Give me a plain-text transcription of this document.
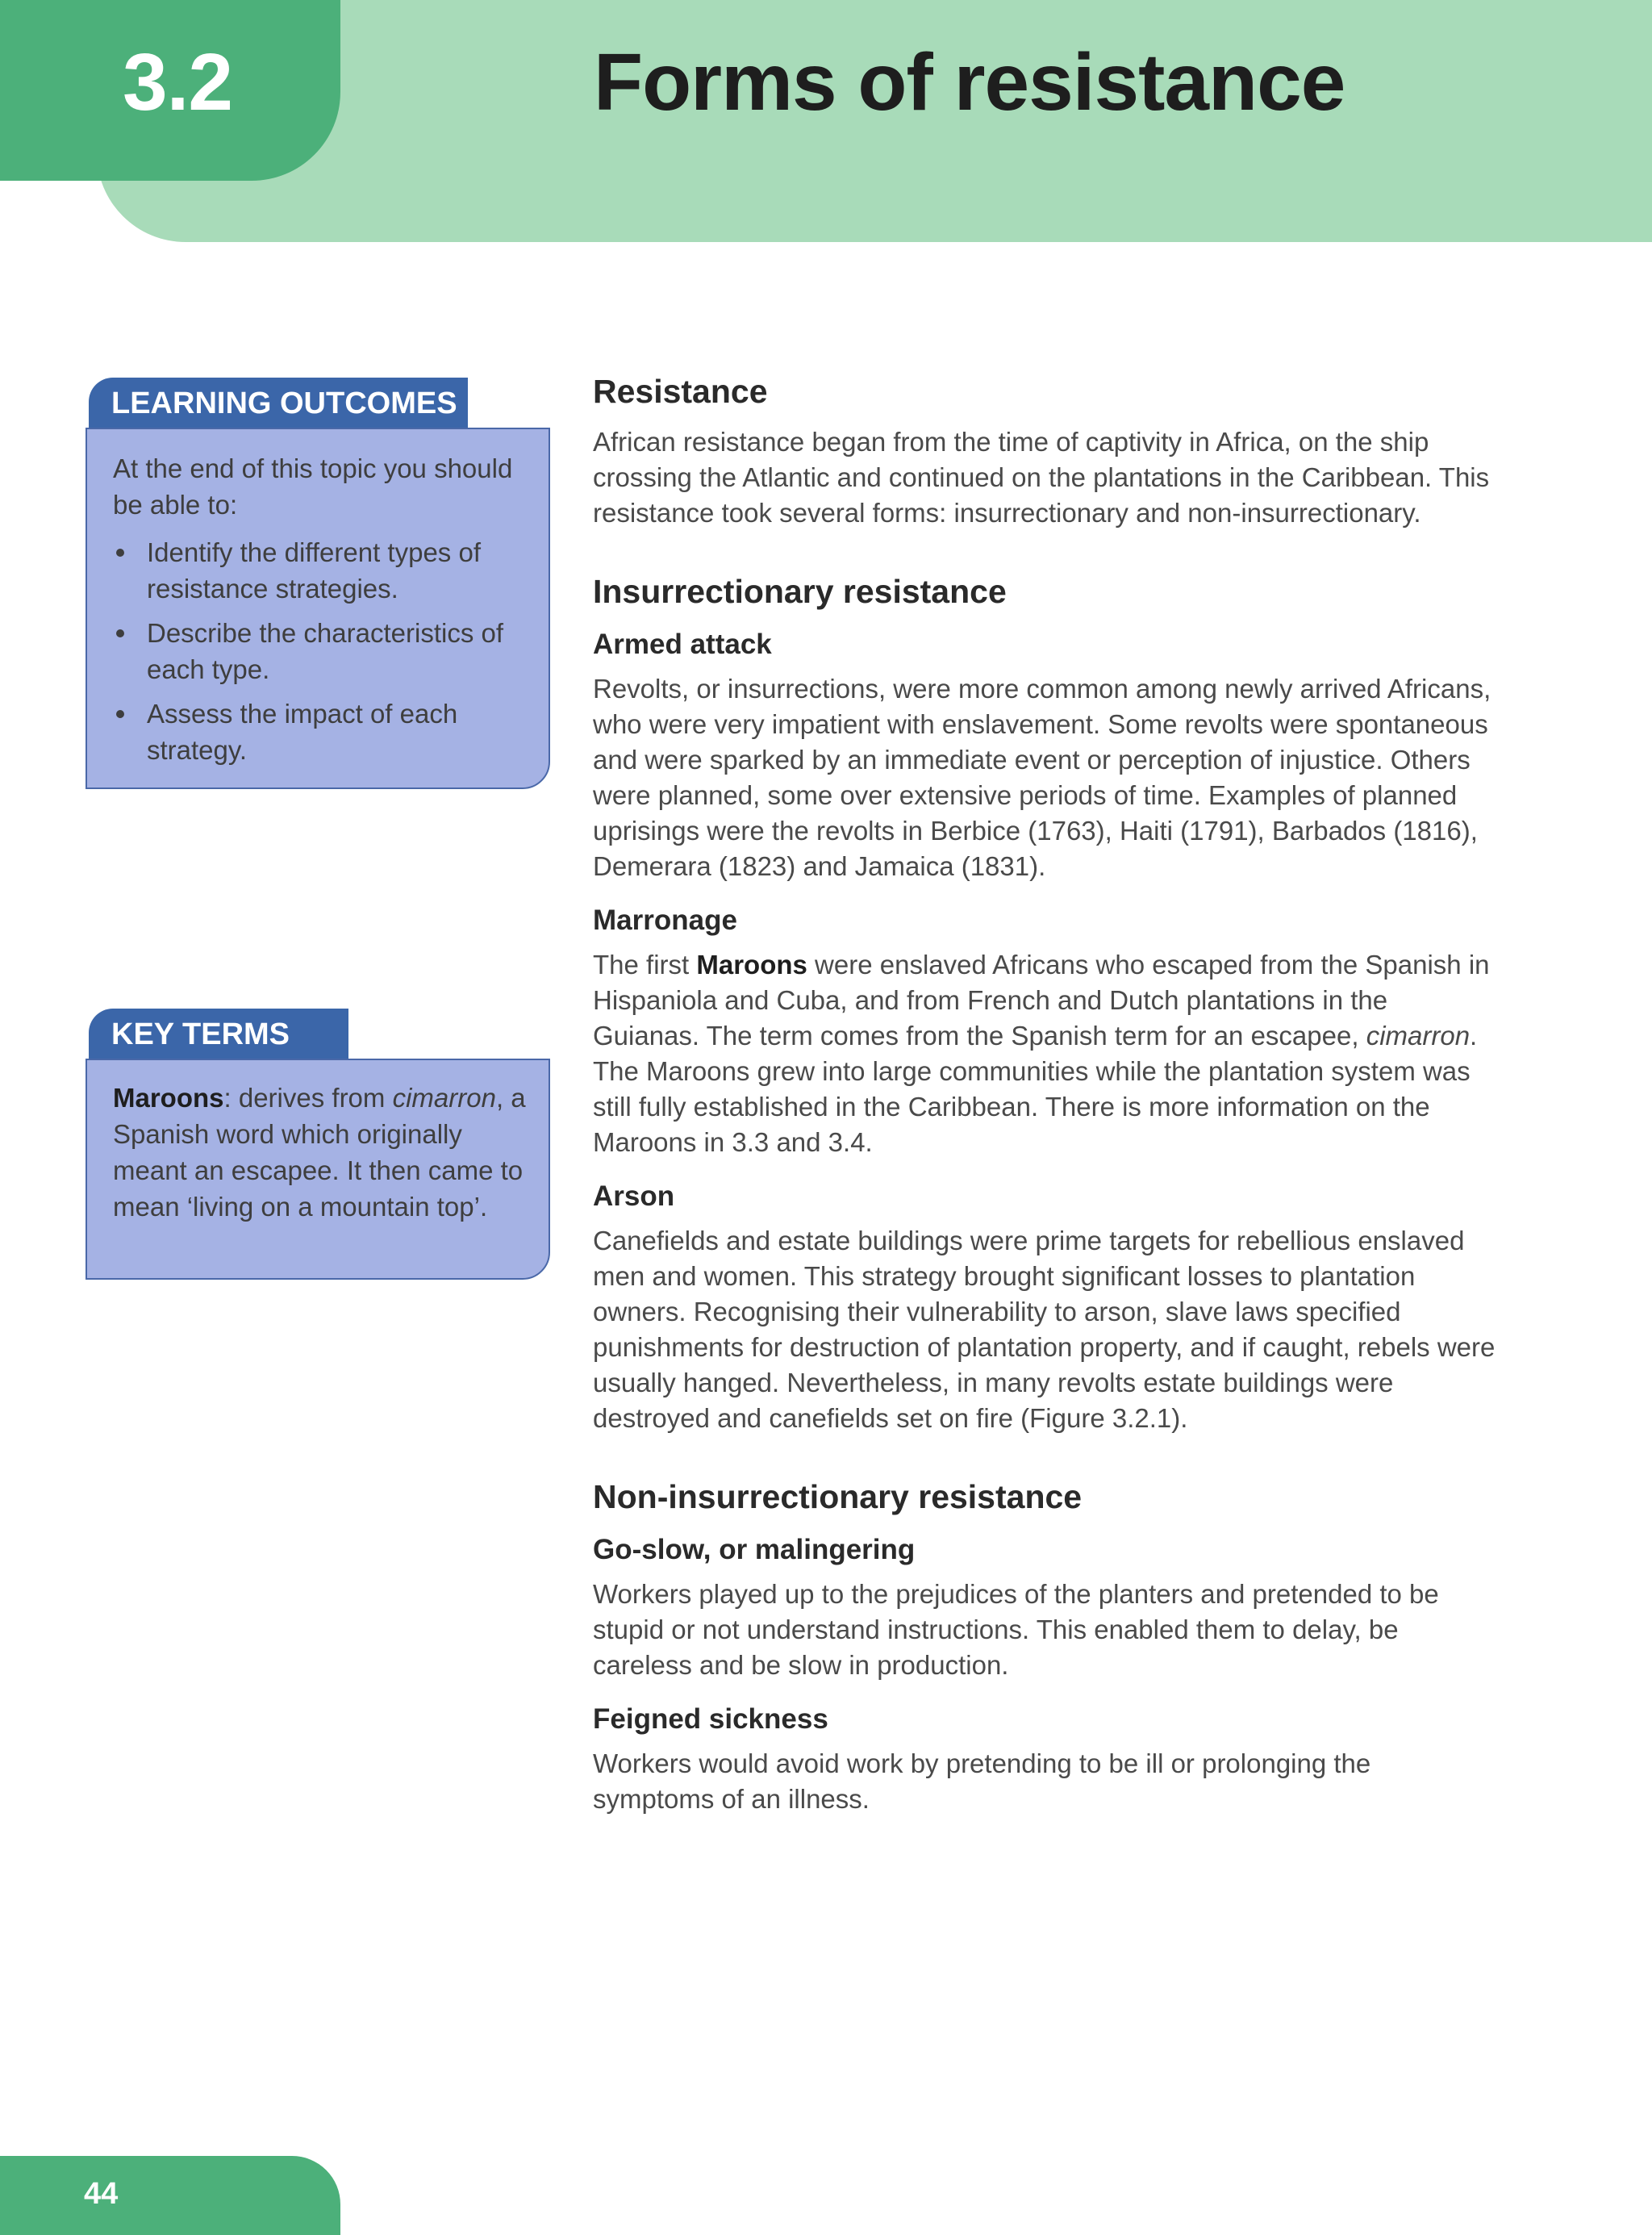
3.2	Forms of resistance
LEARNING OUTCOMES

At the end of this topic you should be able to:

Identify the different types of resistance strategies.
Describe the characteristics of each type.
Assess the impact of each strategy.
KEY TERMS

Maroons: derives from cimarron, a Spanish word which originally meant an escapee. It then came to mean ‘living on a mountain top’.

Resistance

African resistance began from the time of captivity in Africa, on the ship crossing the Atlantic and continued on the plantations in the Caribbean. This resistance took several forms: insurrectionary and non-insurrectionary.

Insurrectionary resistance
Armed attack

Revolts, or insurrections, were more common among newly arrived Africans, who were very impatient with enslavement. Some revolts were spontaneous and were sparked by an immediate event or perception of injustice. Others were planned, some over extensive periods of time. Examples of planned uprisings were the revolts in Berbice (1763), Haiti (1791), Barbados (1816), Demerara (1823) and Jamaica (1831).

Marronage

The first Maroons were enslaved Africans who escaped from the Spanish in Hispaniola and Cuba, and from French and Dutch plantations in the Guianas. The term comes from the Spanish term for an escapee, cimarron. The Maroons grew into large communities while the plantation system was still fully established in the Caribbean. There is more information on the Maroons in 3.3 and 3.4.

Arson

Canefields and estate buildings were prime targets for rebellious enslaved men and women. This strategy brought significant losses to plantation owners. Recognising their vulnerability to arson, slave laws specified punishments for destruction of plantation property, and if caught, rebels were usually hanged. Nevertheless, in many revolts estate buildings were destroyed and canefields set on fire (Figure 3.2.1).

Non-insurrectionary resistance
Go-slow, or malingering

Workers played up to the prejudices of the planters and pretended to be stupid or not understand instructions. This enabled them to delay, be careless and be slow in production.

Feigned sickness

Workers would avoid work by pretending to be ill or prolonging the symptoms of an illness.

44
